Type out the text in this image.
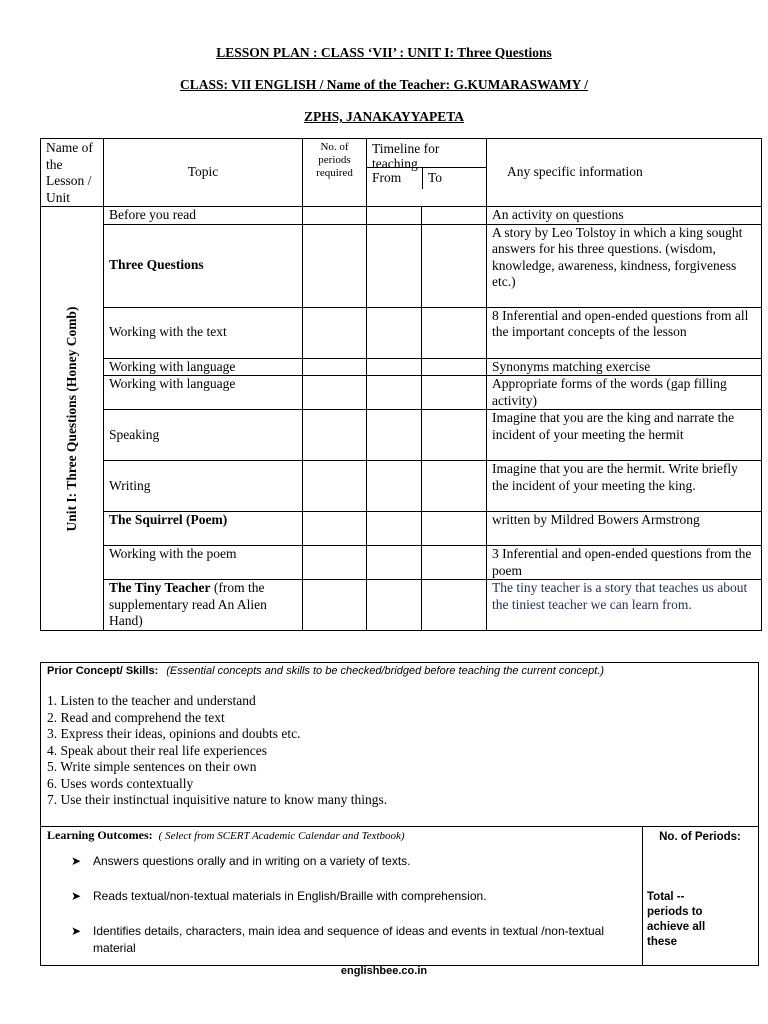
LESSON PLAN : CLASS ‘VII’ : UNIT I: Three Questions
CLASS: VII ENGLISH / Name of the Teacher: G.KUMARASWAMY /
ZPHS, JANAKAYYAPETA
Name of the Lesson / Unit	Topic	No. of periods required	Timeline for teaching
From To		Any specific information

Unit I: Three Questions (Honey Comb)	Before you read				An activity on questions
	Three Questions				A story by Leo Tolstoy in which a king sought answers for his three questions. (wisdom, knowledge, awareness, kindness, forgiveness etc.)
	Working with the text				8 Inferential and open-ended questions from all the important concepts of the lesson
	Working with language				Synonyms matching exercise
	Working with language				Appropriate forms of the words (gap filling activity)
	Speaking				Imagine that you are the king and narrate the incident of your meeting the hermit
	Writing				Imagine that you are the hermit. Write briefly the incident of your meeting the king.
	The Squirrel (Poem)				written by Mildred Bowers Armstrong
	Working with the poem				3 Inferential and open-ended questions from the poem
	The Tiny Teacher (from the supplementary read An Alien Hand)				The tiny teacher is a story that teaches us about the tiniest teacher we can learn from.
Prior Concept/ Skills: (Essential concepts and skills to be checked/bridged before teaching the current concept.)
1. Listen to the teacher and understand
2. Read and comprehend the text
3. Express their ideas, opinions and doubts etc.
4. Speak about their real life experiences
5. Write simple sentences on their own
6. Uses words contextually
7. Use their instinctual inquisitive nature to know many things.
Learning Outcomes: ( Select from SCERT Academic Calendar and Textbook)
➤ Answers questions orally and in writing on a variety of texts.
➤ Reads textual/non-textual materials in English/Braille with comprehension.
➤ Identifies details, characters, main idea and sequence of ideas and events in textual /non-textual material
No. of Periods:
Total -- periods to achieve all these
englishbee.co.in
